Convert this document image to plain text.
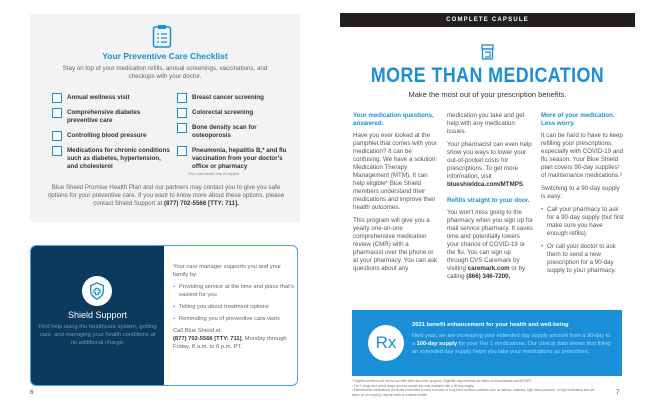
Your Preventive Care Checklist
Stay on top of your medication refills, annual screenings, vaccinations, and checkups with your doctor.
Annual wellness visit
Comprehensive diabetes preventive care
Controlling blood pressure
Medications for chronic conditions such as diabetes, hypertension, and cholesterol
Breast cancer screening
Colorectal screening
Bone density scan for osteoporosis
Pneumonia, hepatitis B,* and flu vaccination from your doctor's office or pharmacy
*Prior authorization may be required.
Blue Shield Promise Health Plan and our partners may contact you to give you safe options for your preventive care. If you want to know more about these options, please contact Shield Support at (877) 702-5566 [TTY: 711].
Shield Support
Find help using the healthcare system, getting care, and managing your health conditions at no additional charge.
Your care manager supports you and your family by:
• Providing service at the time and place that's easiest for you
• Telling you about treatment options
• Reminding you of preventive care visits
Call Blue Shield at
(877) 702-5566 [TTY: 711], Monday through Friday, 8 a.m. to 6 p.m. PT.
6
COMPLETE CAPSULE
MORE THAN MEDICATION
Make the most out of your prescription benefits.
Your medication questions, answered.

Have you ever looked at the pamphlet that comes with your medication? It can be confusing. We have a solution: Medication Therapy Management (MTM). It can help eligible* Blue Shield members understand their medications and improve their health outcomes.

This program will give you a yearly one-on-one comprehensive medication review (CMR) with a pharmacist over the phone or at your pharmacy. You can ask questions about any

medication you take and get help with any medication issues.

Your pharmacist can even help show you ways to lower your out-of-pocket costs for prescriptions. To get more information, visit blueshieldca.com/MTMPS.

Refills straight to your door.

You won't miss going to the pharmacy when you sign up for mail service pharmacy. It saves time and potentially lowers your chance of COVID-19 or the flu. You can sign up through CVS Caremark by visiting caremark.com or by calling (866) 346-7200.

More of your medication. Less worry.

It can be hard to have to keep refilling your prescriptions, especially with COVID-19 and flu season. Your Blue Shield plan covers 90-day supplies¹ of maintenance medications.²

Switching to a 90-day supply is easy:

• Call your pharmacy to ask for a 90-day supply (but first make sure you have enough refills).
• Or call your doctor to ask them to send a new prescription for a 90-day supply to your pharmacy.
Rx
2021 benefit enhancement for your health and well-being

Next year, we are increasing your extended day supply amount from a 90-day to a 100-day supply for your Tier 1 medications. Our clinical data shows that filling an extended day supply helps you take your medications as prescribed.

* Eligible members will receive an offer letter about the program. Eligibility requirements are listed on blueshieldca.com/MTMPS
¹ Tier 3 drugs and select drugs such as opioids are only available with a 30-day supply.
² Maintenance medications are those prescribed to treat a chronic or long-term medical condition such as asthma, diabetes, high blood pressure, or high cholesterol and are taken on an ongoing, regular basis to maintain health.	7
